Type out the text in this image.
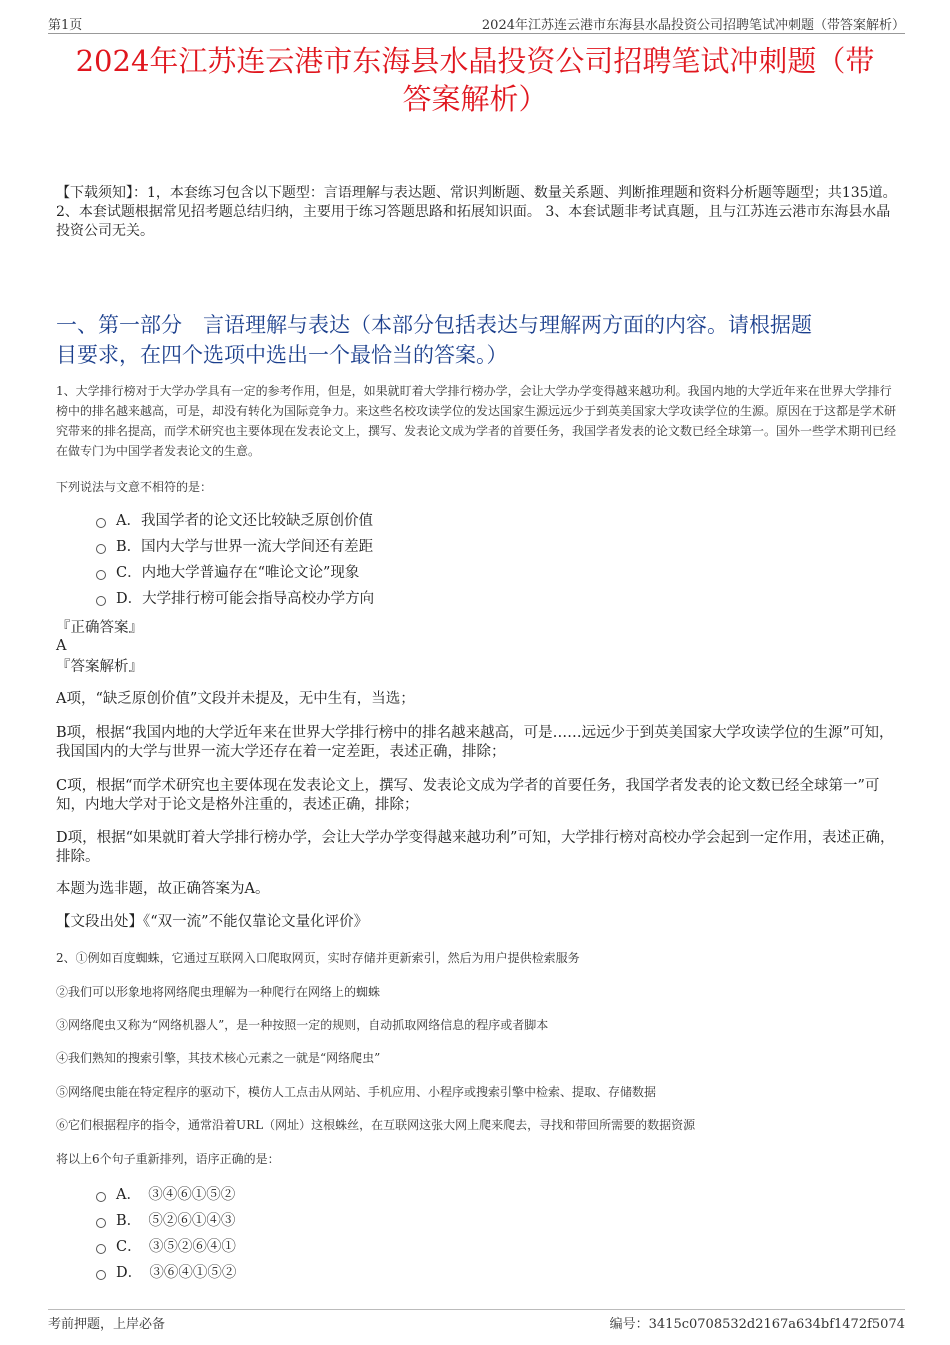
第1页	2024年江苏连云港市东海县水晶投资公司招聘笔试冲刺题（带答案解析）
2024年江苏连云港市东海县水晶投资公司招聘笔试冲刺题（带
答案解析）
【下载须知】：1，本套练习包含以下题型：言语理解与表达题、常识判断题、数量关系题、判断推理题和资料分析题等题型；共135道。 2、本套试题根据常见招考题总结归纳，主要用于练习答题思路和拓展知识面。 3、本套试题非考试真题，且与江苏连云港市东海县水晶投资公司无关。
一、第一部分　言语理解与表达（本部分包括表达与理解两方面的内容。请根据题
目要求，在四个选项中选出一个最恰当的答案。）
1、大学排行榜对于大学办学具有一定的参考作用，但是，如果就盯着大学排行榜办学，会让大学办学变得越来越功利。我国内地的大学近年来在世界大学排行榜中的排名越来越高，可是，却没有转化为国际竞争力。来这些名校攻读学位的发达国家生源远远少于到英美国家大学攻读学位的生源。原因在于这都是学术研究带来的排名提高，而学术研究也主要体现在发表论文上，撰写、发表论文成为学者的首要任务，我国学者发表的论文数已经全球第一。国外一些学术期刊已经在做专门为中国学者发表论文的生意。
下列说法与文意不相符的是：
A．我国学者的论文还比较缺乏原创价值
B．国内大学与世界一流大学间还有差距
C．内地大学普遍存在“唯论文论”现象
D．大学排行榜可能会指导高校办学方向
『正确答案』
A
『答案解析』
A项，“缺乏原创价值”文段并未提及，无中生有，当选；
B项，根据“我国内地的大学近年来在世界大学排行榜中的排名越来越高，可是……远远少于到英美国家大学攻读学位的生源”可知，我国国内的大学与世界一流大学还存在着一定差距，表述正确，排除；
C项，根据“而学术研究也主要体现在发表论文上，撰写、发表论文成为学者的首要任务，我国学者发表的论文数已经全球第一”可知，内地大学对于论文是格外注重的，表述正确，排除；
D项，根据“如果就盯着大学排行榜办学，会让大学办学变得越来越功利”可知，大学排行榜对高校办学会起到一定作用，表述正确，排除。
本题为选非题，故正确答案为A。
【文段出处】《“双一流”不能仅靠论文量化评价》
2、①例如百度蜘蛛，它通过互联网入口爬取网页，实时存储并更新索引，然后为用户提供检索服务
②我们可以形象地将网络爬虫理解为一种爬行在网络上的蜘蛛
③网络爬虫又称为“网络机器人”，是一种按照一定的规则，自动抓取网络信息的程序或者脚本
④我们熟知的搜索引擎，其技术核心元素之一就是“网络爬虫”
⑤网络爬虫能在特定程序的驱动下，模仿人工点击从网站、手机应用、小程序或搜索引擎中检索、提取、存储数据
⑥它们根据程序的指令，通常沿着URL（网址）这根蛛丝，在互联网这张大网上爬来爬去，寻找和带回所需要的数据资源
将以上6个句子重新排列，语序正确的是：
A．　③④⑥①⑤②
B．　⑤②⑥①④③
C．　③⑤②⑥④①
D．　③⑥④①⑤②
考前押题，上岸必备	编号：3415c0708532d2167a634bf1472f5074
